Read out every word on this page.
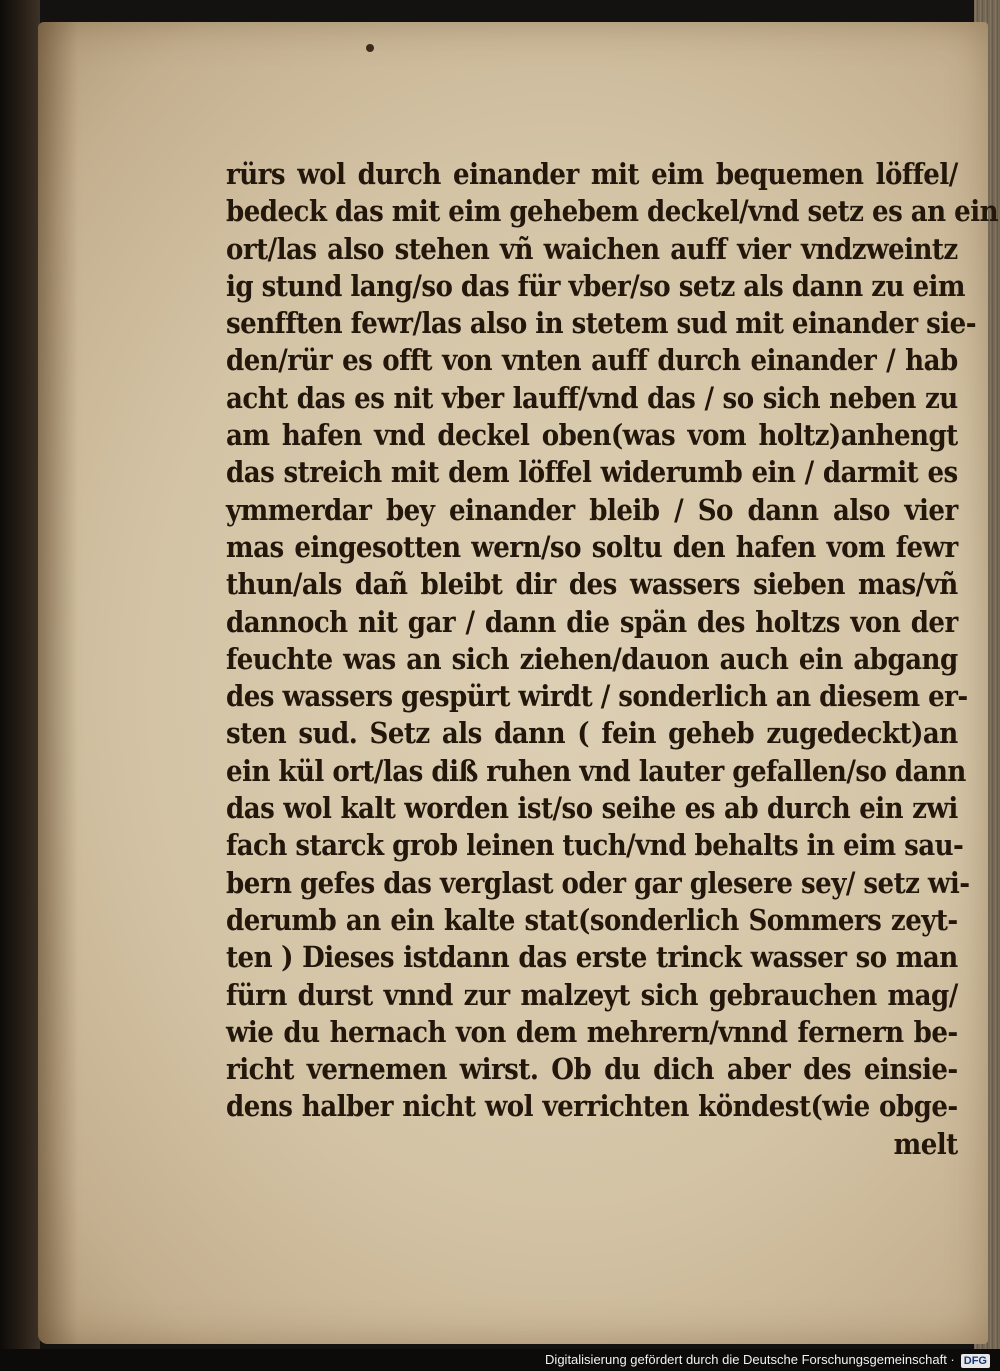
rürs wol durch einander mit eim bequemen löffel/
bedeck das mit eim gehebem deckel/vnd setz es an ein
ort/las also stehen vñ waichen auff vier vndzweintz
ig stund lang/so das für vber/so setz als dann zu eim
senfften fewr/las also in stetem sud mit einander sie-
den/rür es offt von vnten auff durch einander / hab
acht das es nit vber lauff/vnd das / so sich neben zu
am hafen vnd deckel oben(was vom holtz)anhengt
das streich mit dem löffel widerumb ein / darmit es
ymmerdar bey einander bleib / So dann also vier
mas eingesotten wern/so soltu den hafen vom fewr
thun/als dañ bleibt dir des wassers sieben mas/vñ
dannoch nit gar / dann die spän des holtzs von der
feuchte was an sich ziehen/dauon auch ein abgang
des wassers gespürt wirdt / sonderlich an diesem er-
sten sud. Setz als dann ( fein geheb zugedeckt)an
ein kül ort/las diß ruhen vnd lauter gefallen/so dann
das wol kalt worden ist/so seihe es ab durch ein zwi
fach starck grob leinen tuch/vnd behalts in eim sau-
bern gefes das verglast oder gar glesere sey/ setz wi-
derumb an ein kalte stat(sonderlich Sommers zeyt-
ten ) Dieses istdann das erste trinck wasser so man
fürn durst vnnd zur malzeyt sich gebrauchen mag/
wie du hernach von dem mehrern/vnnd fernern be-
richt vernemen wirst. Ob du dich aber des einsie-
dens halber nicht wol verrichten köndest(wie obge-
melt
Digitalisierung gefördert durch die Deutsche Forschungsgemeinschaft · DFG
